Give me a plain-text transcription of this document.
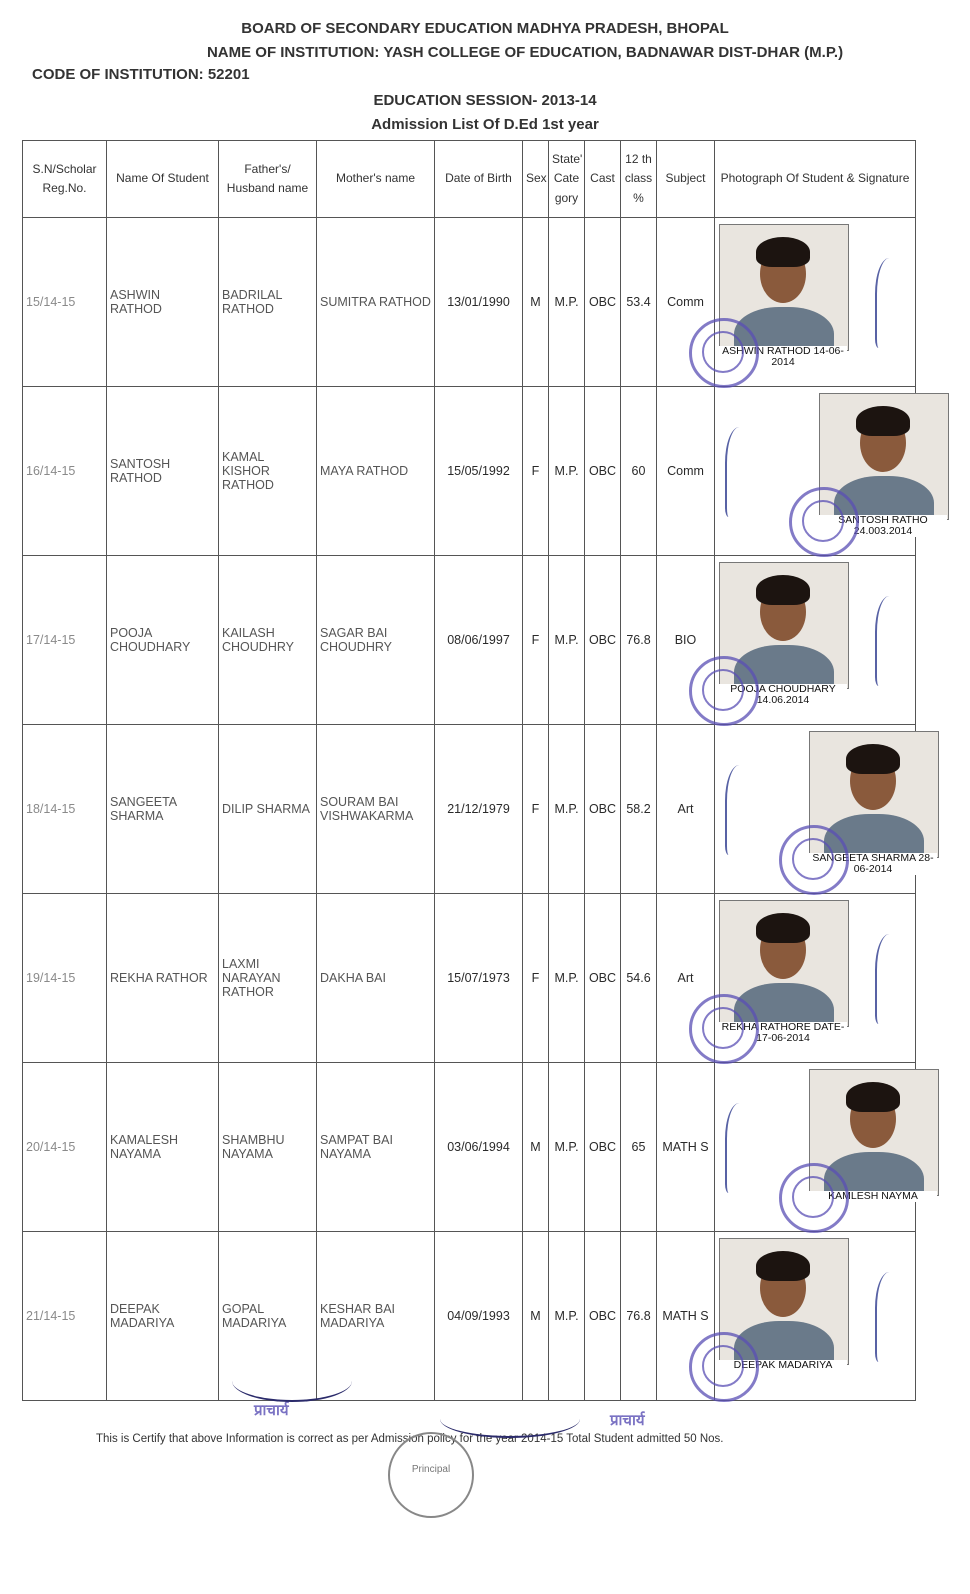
BOARD OF SECONDARY EDUCATION MADHYA PRADESH, BHOPAL
NAME OF INSTITUTION: YASH COLLEGE OF EDUCATION, BADNAWAR DIST-DHAR (M.P.)
CODE OF INSTITUTION: 52201
EDUCATION SESSION- 2013-14
Admission List Of D.Ed 1st year
S.N/Scholar Reg.No.	Name Of Student	Father's/ Husband name	Mother's name	Date of Birth	Sex	State' Cate gory	Cast	12 th class %	Subject	Photograph Of Student & Signature
15/14-15	ASHWIN RATHOD	BADRILAL RATHOD	SUMITRA RATHOD	13/01/1990	M	M.P.	OBC	53.4	Comm	ASHWIN RATHOD 14-06-2014

16/14-15	SANTOSH RATHOD	KAMAL KISHOR RATHOD	MAYA RATHOD	15/05/1992	F	M.P.	OBC	60	Comm	SANTOSH RATHO 24.003.2014

17/14-15	POOJA CHOUDHARY	KAILASH CHOUDHRY	SAGAR BAI CHOUDHRY	08/06/1997	F	M.P.	OBC	76.8	BIO	POOJA CHOUDHARY 14.06.2014

18/14-15	SANGEETA SHARMA	DILIP SHARMA	SOURAM BAI VISHWAKARMA	21/12/1979	F	M.P.	OBC	58.2	Art	SANGEETA SHARMA 28-06-2014

19/14-15	REKHA RATHOR	LAXMI NARAYAN RATHOR	DAKHA BAI	15/07/1973	F	M.P.	OBC	54.6	Art	REKHA RATHORE DATE-17-06-2014

20/14-15	KAMALESH NAYAMA	SHAMBHU NAYAMA	SAMPAT BAI NAYAMA	03/06/1994	M	M.P.	OBC	65	MATH S	KAMLESH NAYMA

21/14-15	DEEPAK MADARIYA	GOPAL MADARIYA	KESHAR BAI MADARIYA	04/09/1993	M	M.P.	OBC	76.8	MATH S	DEEPAK MADARIYA
This is Certify that above Information is correct as per Admission policy for the year 2014-15 Total Student admitted 50 Nos.
Principal
प्राचार्य
प्राचार्य
